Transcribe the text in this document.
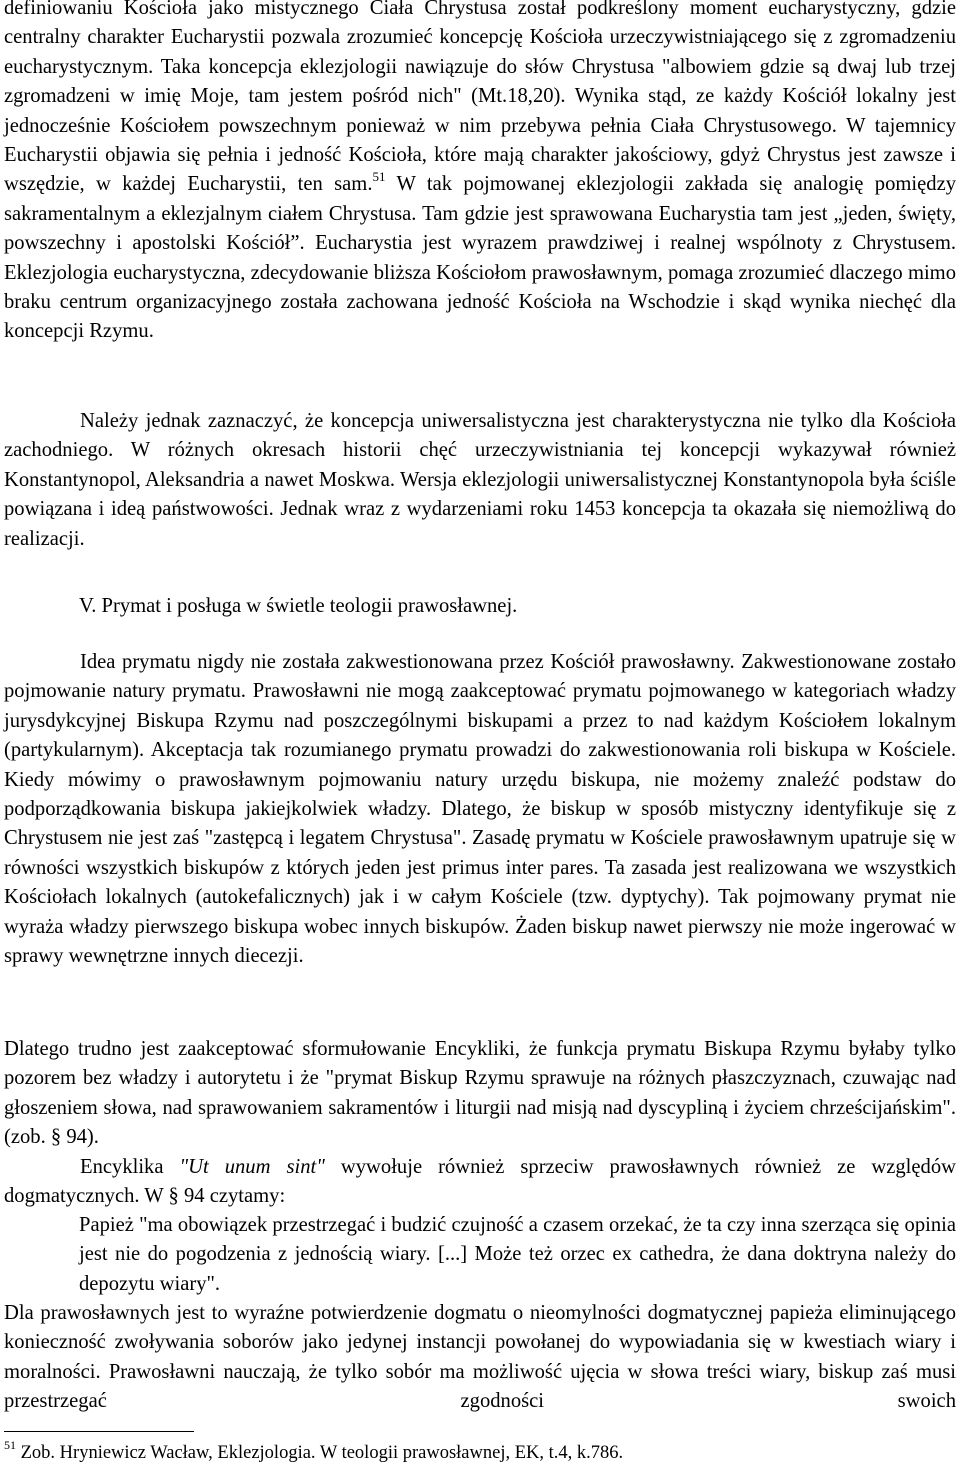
definiowaniu Kościoła jako mistycznego Ciała Chrystusa został podkreślony moment eucharystyczny, gdzie centralny charakter Eucharystii pozwala zrozumieć koncepcję Kościoła urzeczywistniającego się z zgromadzeniu eucharystycznym. Taka koncepcja eklezjologii nawiązuje do słów Chrystusa "albowiem gdzie są dwaj lub trzej zgromadzeni w imię Moje, tam jestem pośród nich" (Mt.18,20). Wynika stąd, ze każdy Kościół lokalny jest jednocześnie Kościołem powszechnym ponieważ w nim przebywa pełnia Ciała Chrystusowego. W tajemnicy Eucharystii objawia się pełnia i jedność Kościoła, które mają charakter jakościowy, gdyż Chrystus jest zawsze i wszędzie, w każdej Eucharystii, ten sam.$^{51}$ W tak pojmowanej eklezjologii zakłada się analogię pomiędzy sakramentalnym a eklezjalnym ciałem Chrystusa. Tam gdzie jest sprawowana Eucharystia tam jest „jeden, święty, powszechny i apostolski Kościół”. Eucharystia jest wyrazem prawdziwej i realnej wspólnoty z Chrystusem. Eklezjologia eucharystyczna, zdecydowanie bliższa Kościołom prawosławnym, pomaga zrozumieć dlaczego mimo braku centrum organizacyjnego została zachowana jedność Kościoła na Wschodzie i skąd wynika niechęć dla koncepcji Rzymu.

Należy jednak zaznaczyć, że koncepcja uniwersalistyczna jest charakterystyczna nie tylko dla Kościoła zachodniego. W różnych okresach historii chęć urzeczywistniania tej koncepcji wykazywał również Konstantynopol, Aleksandria a nawet Moskwa. Wersja eklezjologii uniwersalistycznej Konstantynopola była ściśle powiązana i ideą państwowości. Jednak wraz z wydarzeniami roku 1453 koncepcja ta okazała się niemożliwą do realizacji.

V. Prymat i posługa w świetle teologii prawosławnej.

Idea prymatu nigdy nie została zakwestionowana przez Kościół prawosławny. Zakwestionowane zostało pojmowanie natury prymatu. Prawosławni nie mogą zaakceptować prymatu pojmowanego w kategoriach władzy jurysdykcyjnej Biskupa Rzymu nad poszczególnymi biskupami a przez to nad każdym Kościołem lokalnym (partykularnym). Akceptacja tak rozumianego prymatu prowadzi do zakwestionowania roli biskupa w Kościele. Kiedy mówimy o prawosławnym pojmowaniu natury urzędu biskupa, nie możemy znaleźć podstaw do podporządkowania biskupa jakiejkolwiek władzy. Dlatego, że biskup w sposób mistyczny identyfikuje się z Chrystusem nie jest zaś "zastępcą i legatem Chrystusa". Zasadę prymatu w Kościele prawosławnym upatruje się w równości wszystkich biskupów z których jeden jest primus inter pares. Ta zasada jest realizowana we wszystkich Kościołach lokalnych (autokefalicznych) jak i w całym Kościele (tzw. dyptychy). Tak pojmowany prymat nie wyraża władzy pierwszego biskupa wobec innych biskupów. Żaden biskup nawet pierwszy nie może ingerować w sprawy wewnętrzne innych diecezji.

Dlatego trudno jest zaakceptować sformułowanie Encykliki, że funkcja prymatu Biskupa Rzymu byłaby tylko pozorem bez władzy i autorytetu i że "prymat Biskup Rzymu sprawuje na różnych płaszczyznach, czuwając nad głoszeniem słowa, nad sprawowaniem sakramentów i liturgii nad misją nad dyscypliną i życiem chrześcijańskim". (zob. § 94).

Encyklika "Ut unum sint" wywołuje również sprzeciw prawosławnych również ze względów dogmatycznych. W § 94 czytamy:

Papież "ma obowiązek przestrzegać i budzić czujność a czasem orzekać, że ta czy inna szerząca się opinia jest nie do pogodzenia z jednością wiary. [...] Może też orzec ex cathedra, że dana doktryna należy do depozytu wiary".

Dla prawosławnych jest to wyraźne potwierdzenie dogmatu o nieomylności dogmatycznej papieża eliminującego konieczność zwoływania soborów jako jedynej instancji powołanej do wypowiadania się w kwestiach wiary i moralności. Prawosławni nauczają, że tylko sobór ma możliwość ujęcia w słowa treści wiary, biskup zaś musi przestrzegać zgodności swoich

$^{51}$ Zob. Hryniewicz Wacław, Eklezjologia. W teologii prawosławnej, EK, t.4, k.786.
